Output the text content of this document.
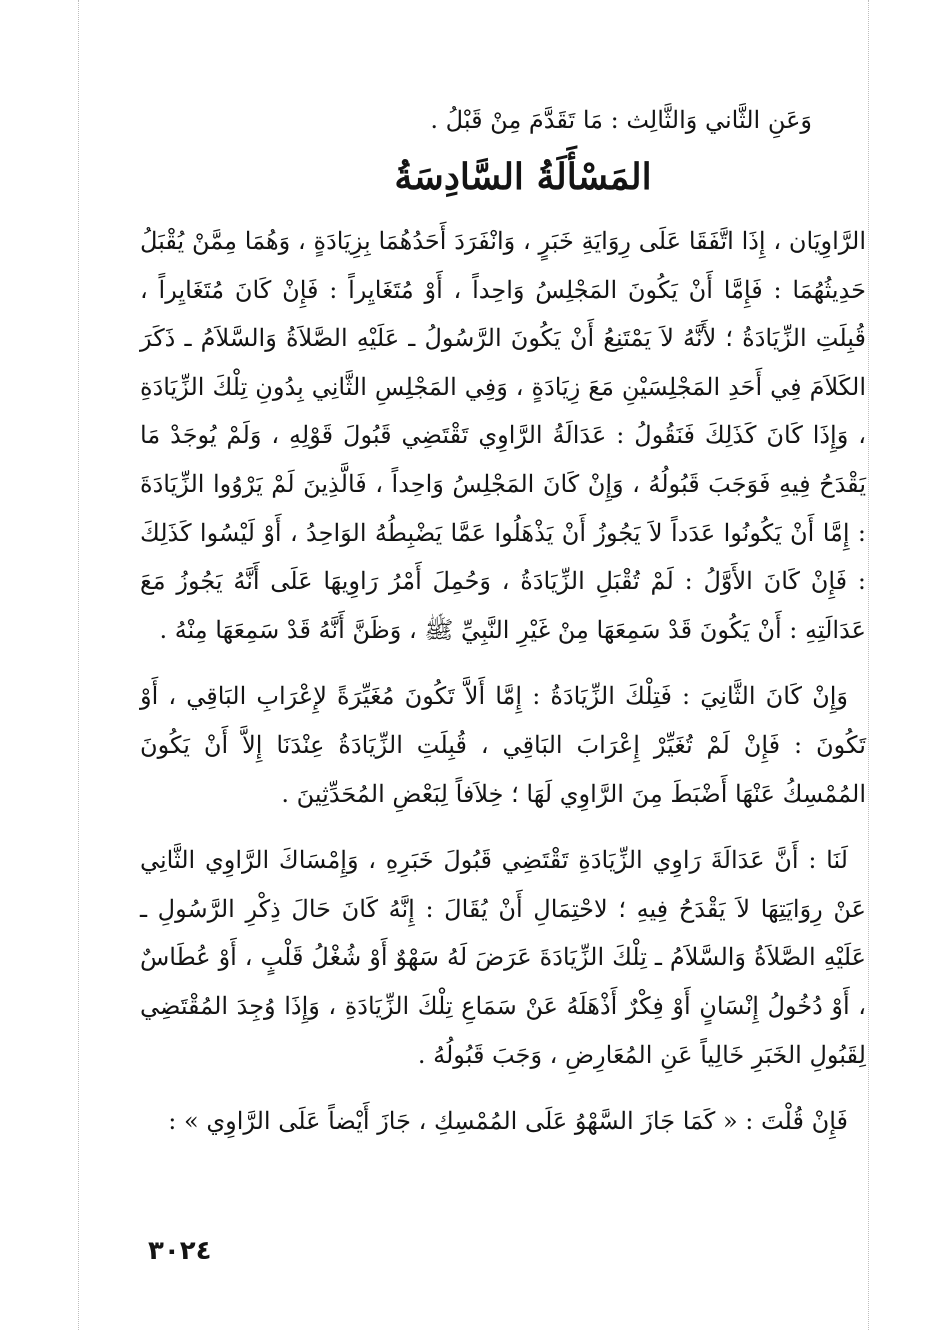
وَعَنِ الثَّاني وَالثَّالِث : مَا تَقَدَّمَ مِنْ قَبْلُ .

المَسْأَلَةُ السَّادِسَةُ

الرَّاوِيَان ، إِذَا اتَّفَقَا عَلَى رِوَايَةِ خَبَرٍ ، وَانْفَرَدَ أَحَدُهُمَا بِزِيَادَةٍ ، وَهُمَا مِمَّنْ يُقْبَلُ حَدِيثُهُمَا : فَإِمَّا أَنْ يَكُونَ المَجْلِسُ وَاحِداً ، أَوْ مُتَغَايِراً : فَإِنْ كَانَ مُتَغَايِراً ، قُبِلَتِ الزِّيَادَةُ ؛ لأَنَّهُ لاَ يَمْتَنِعُ أَنْ يَكُونَ الرَّسُولُ ـ عَلَيْهِ الصَّلاَةُ وَالسَّلاَمُ ـ ذَكَرَ الكَلاَمَ فِي أَحَدِ المَجْلِسَيْنِ مَعَ زِيَادَةٍ ، وَفِي المَجْلِسِ الثَّانِي بِدُونِ تِلْكَ الزِّيَادَةِ ، وَإِذَا كَانَ كَذَلِكَ فَنَقُولُ : عَدَالَةُ الرَّاوِي تَقْتَضِي قَبُولَ قَوْلِهِ ، وَلَمْ يُوجَدْ مَا يَقْدَحُ فِيهِ فَوَجَبَ قَبُولُهُ ، وَإِنْ كَانَ المَجْلِسُ وَاحِداً ، فَالَّذِينَ لَمْ يَرْوُوا الزِّيَادَةَ : إِمَّا أَنْ يَكُونُوا عَدَداً لاَ يَجُوزُ أَنْ يَذْهَلُوا عَمَّا يَضْبِطُهُ الوَاحِدُ ، أَوْ لَيْسُوا كَذَلِكَ : فَإِنْ كَانَ الأَوَّلُ : لَمْ تُقْبَلِ الزِّيَادَةُ ، وَحُمِلَ أَمْرُ رَاوِيهَا عَلَى أَنَّهُ يَجُوزُ مَعَ عَدَالَتِهِ : أَنْ يَكُونَ قَدْ سَمِعَهَا مِنْ غَيْرِ النَّبِيِّ ﷺ ، وَظَنَّ أَنَّهُ قَدْ سَمِعَهَا مِنْهُ .

وَإِنْ كَانَ الثَّانِيَ : فَتِلْكَ الزِّيَادَةُ : إِمَّا أَلاَّ تَكُونَ مُغَيِّرَةً لإِعْرَابِ البَاقِي ، أَوْ تَكُونَ : فَإِنْ لَمْ تُغَيِّرْ إِعْرَابَ البَاقِي ، قُبِلَتِ الزِّيَادَةُ عِنْدَنَا إِلاَّ أَنْ يَكُونَ المُمْسِكُ عَنْهَا أَضْبَطَ مِنَ الرَّاوِي لَهَا ؛ خِلاَفاً لِبَعْضِ المُحَدِّثِينَ .

لَنَا : أَنَّ عَدَالَةَ رَاوِي الزِّيَادَةِ تَقْتَضِي قَبُولَ خَبَرِهِ ، وَإِمْسَاكَ الرَّاوِي الثَّانِي عَنْ رِوَايَتِهَا لاَ يَقْدَحُ فِيهِ ؛ لاحْتِمَالِ أَنْ يُقَالَ : إِنَّهُ كَانَ حَالَ ذِكْرِ الرَّسُولِ ـ عَلَيْهِ الصَّلاَةُ وَالسَّلاَمُ ـ تِلْكَ الزِّيَادَةَ عَرَضَ لَهُ سَهْوٌ أَوْ شُغْلُ قَلْبٍ ، أَوْ عُطَاسٌ ، أَوْ دُخُولُ إِنْسَانٍ أَوْ فِكْرٌ أَذْهَلَهُ عَنْ سَمَاعِ تِلْكَ الزِّيَادَةِ ، وَإِذَا وُجِدَ المُقْتَضِي لِقَبُولِ الخَبَرِ خَالِياً عَنِ المُعَارِضِ ، وَجَبَ قَبُولُهُ .

فَإِنْ قُلْتَ : « كَمَا جَازَ السَّهْوُ عَلَى المُمْسِكِ ، جَازَ أَيْضاً عَلَى الرَّاوِي » :

٣٠٢٤
